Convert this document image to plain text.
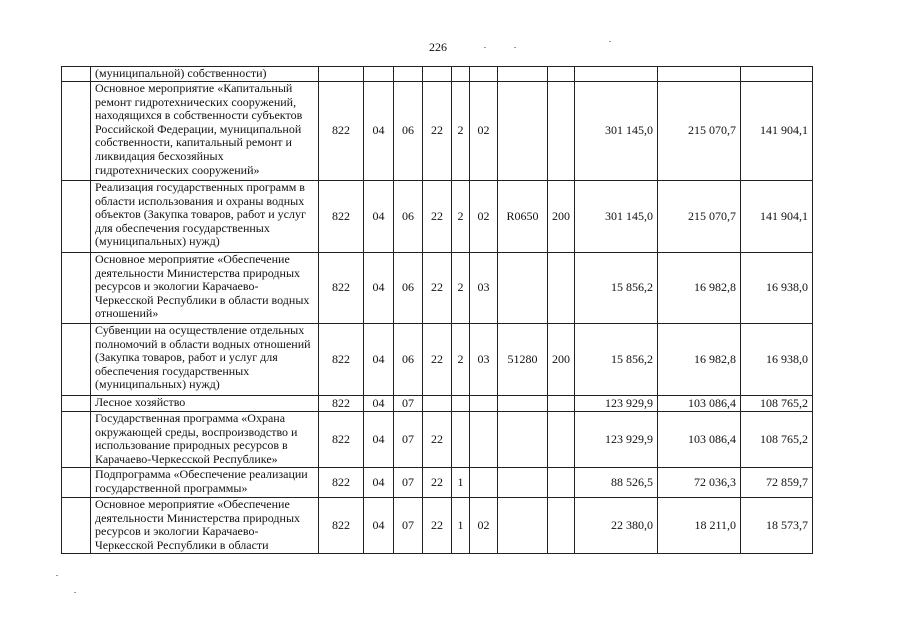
226
	(муниципальной) собственности)											
	Основное мероприятие «Капитальный ремонт гидротехнических сооружений, находящихся в собственности субъектов Российской Федерации, муниципальной собственности, капитальный ремонт и ликвидация бесхозяйных гидротехнических сооружений»	822	04	06	22	2	02			301 145,0	215 070,7	141 904,1
	Реализация государственных программ в области использования и охраны водных объектов (Закупка товаров, работ и услуг для обеспечения государственных (муниципальных) нужд)	822	04	06	22	2	02	R0650	200	301 145,0	215 070,7	141 904,1
	Основное мероприятие «Обеспечение деятельности Министерства природных ресурсов и экологии Карачаево-Черкесской Республики в области водных отношений»	822	04	06	22	2	03			15 856,2	16 982,8	16 938,0
	Субвенции на осуществление отдельных полномочий в области водных отношений (Закупка товаров, работ и услуг для обеспечения государственных (муниципальных) нужд)	822	04	06	22	2	03	51280	200	15 856,2	16 982,8	16 938,0
	Лесное хозяйство	822	04	07						123 929,9	103 086,4	108 765,2
	Государственная программа «Охрана окружающей среды, воспроизводство и использование природных ресурсов в Карачаево-Черкесской Республике»	822	04	07	22					123 929,9	103 086,4	108 765,2
	Подпрограмма «Обеспечение реализации государственной программы»	822	04	07	22	1				88 526,5	72 036,3	72 859,7
	Основное мероприятие «Обеспечение деятельности Министерства природных ресурсов и экологии Карачаево-Черкесской Республики в области	822	04	07	22	1	02			22 380,0	18 211,0	18 573,7
